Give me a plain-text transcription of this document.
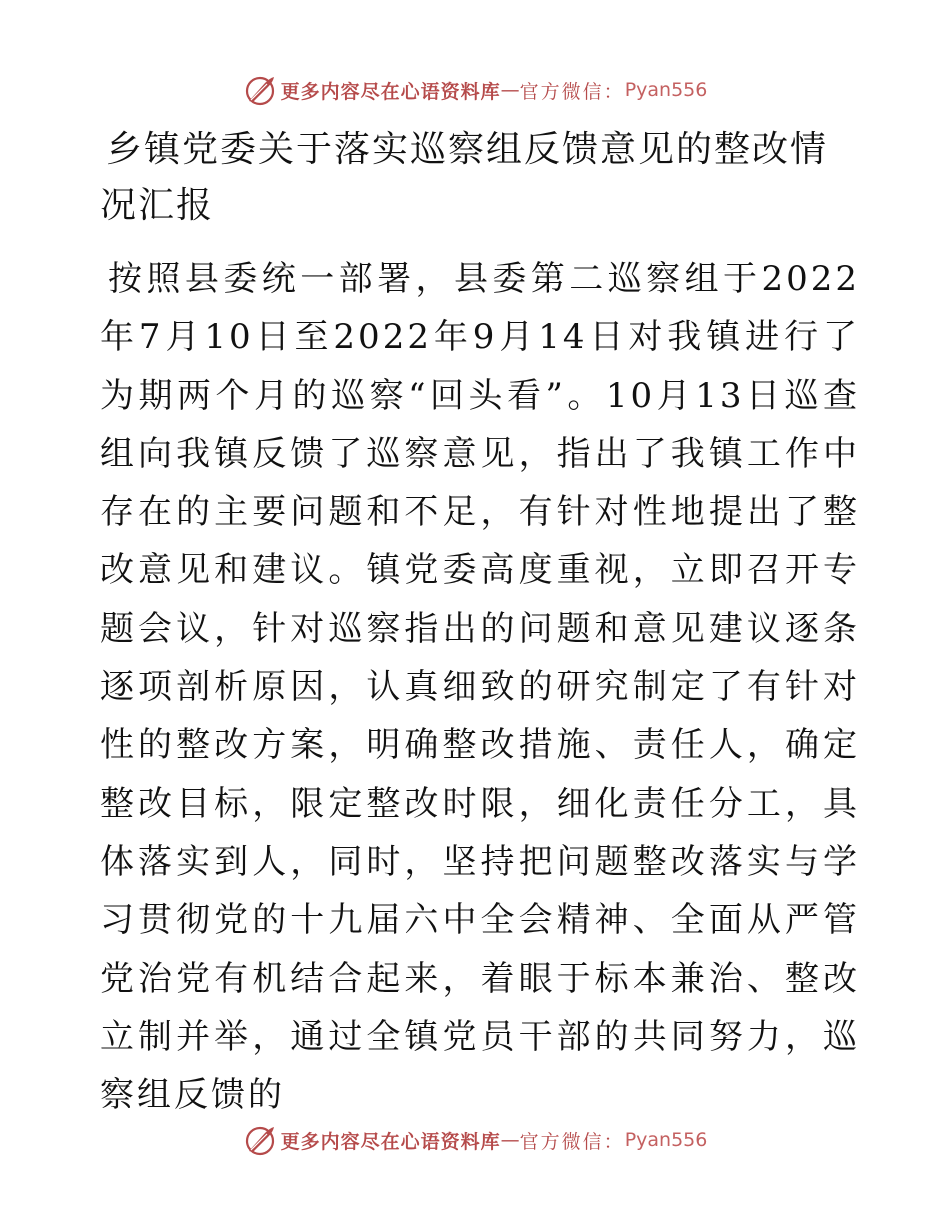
更多内容尽在心语资料库 — 官方微信： Pyan556
乡镇党委关于落实巡察组反馈意见的整改情况汇报

按照县委统一部署，县委第二巡察组于2022年7月10日至2022年9月14日对我镇进行了为期两个月的巡察“回头看”。10月13日巡查组向我镇反馈了巡察意见，指出了我镇工作中存在的主要问题和不足，有针对性地提出了整改意见和建议。镇党委高度重视，立即召开专题会议，针对巡察指出的问题和意见建议逐条逐项剖析原因，认真细致的研究制定了有针对性的整改方案，明确整改措施、责任人，确定整改目标，限定整改时限，细化责任分工，具体落实到人，同时，坚持把问题整改落实与学习贯彻党的十九届六中全会精神、全面从严管党治党有机结合起来，着眼于标本兼治、整改立制并举，通过全镇党员干部的共同努力，巡察组反馈的

更多内容尽在心语资料库 — 官方微信： Pyan556
